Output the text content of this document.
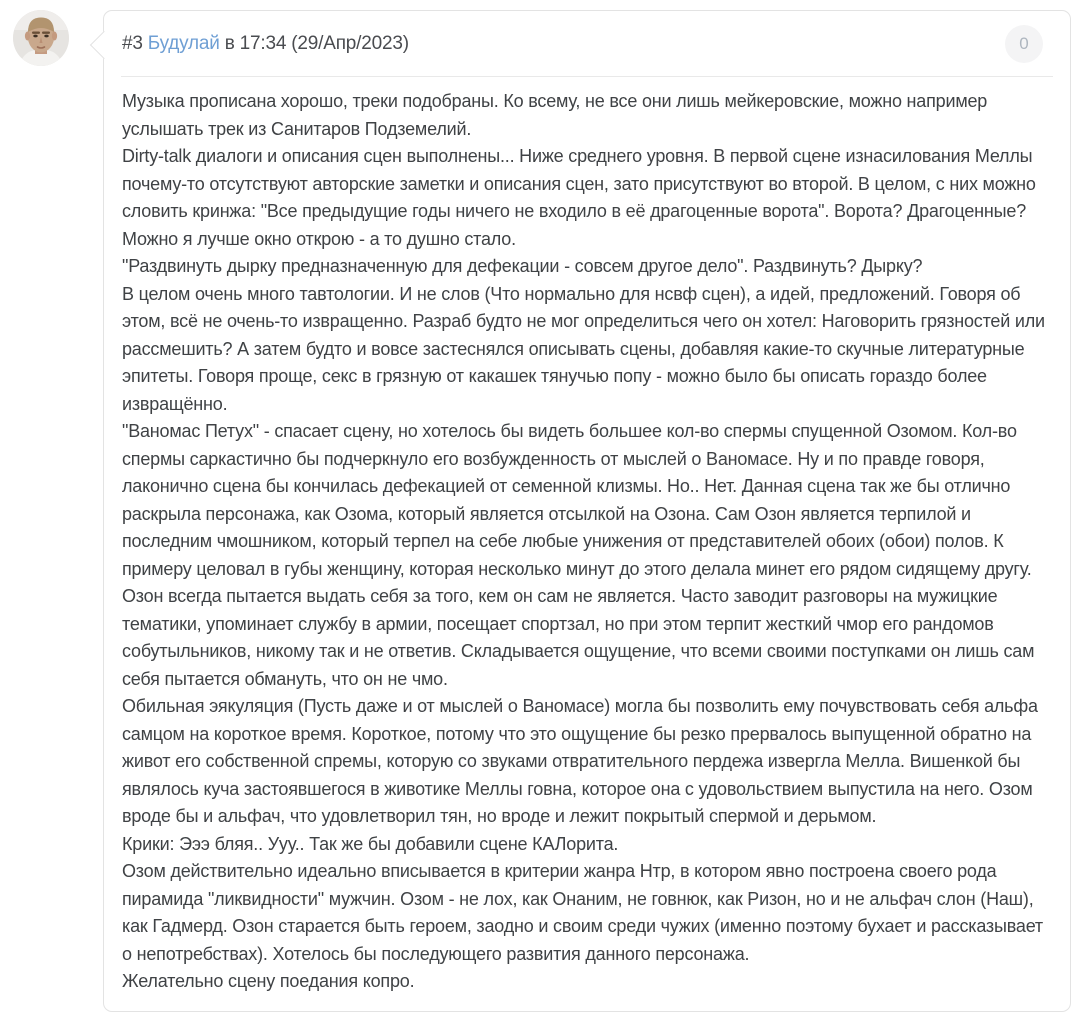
#3 Будулай в 17:34 (29/Апр/2023)	0
Музыка прописана хорошо, треки подобраны. Ко всему, не все они лишь мейкеровские, можно например услышать трек из Санитаров Подземелий.
Dirty-talk диалоги и описания сцен выполнены... Ниже среднего уровня. В первой сцене изнасилования Меллы почему-то отсутствуют авторские заметки и описания сцен, зато присутствуют во второй. В целом, с них можно словить кринжа: "Все предыдущие годы ничего не входило в её драгоценные ворота". Ворота? Драгоценные? Можно я лучше окно открою - а то душно стало.
"Раздвинуть дырку предназначенную для дефекации - совсем другое дело". Раздвинуть? Дырку?
В целом очень много тавтологии. И не слов (Что нормально для нсвф сцен), а идей, предложений. Говоря об этом, всё не очень-то извращенно. Разраб будто не мог определиться чего он хотел: Наговорить грязностей или рассмешить? А затем будто и вовсе застеснялся описывать сцены, добавляя какие-то скучные литературные эпитеты. Говоря проще, секс в грязную от какашек тянучью попу - можно было бы описать гораздо более извращённо.
"Ваномас Петух" - спасает сцену, но хотелось бы видеть большее кол-во спермы спущенной Озомом. Кол-во спермы саркастично бы подчеркнуло его возбужденность от мыслей о Ваномасе. Ну и по правде говоря, лаконично сцена бы кончилась дефекацией от семенной клизмы. Но.. Нет. Данная сцена так же бы отлично раскрыла персонажа, как Озома, который является отсылкой на Озона. Сам Озон является терпилой и последним чмошником, который терпел на себе любые унижения от представителей обоих (обои) полов. К примеру целовал в губы женщину, которая несколько минут до этого делала минет его рядом сидящему другу. Озон всегда пытается выдать себя за того, кем он сам не является. Часто заводит разговоры на мужицкие тематики, упоминает службу в армии, посещает спортзал, но при этом терпит жесткий чмор его рандомов собутыльников, никому так и не ответив. Складывается ощущение, что всеми своими поступками он лишь сам себя пытается обмануть, что он не чмо.
Обильная эякуляция (Пусть даже и от мыслей о Ваномасе) могла бы позволить ему почувствовать себя альфа самцом на короткое время. Короткое, потому что это ощущение бы резко прервалось выпущенной обратно на живот его собственной спремы, которую со звуками отвратительного пердежа извергла Мелла. Вишенкой бы являлось куча застоявшегося в животике Меллы говна, которое она с удовольствием выпустила на него. Озом вроде бы и альфач, что удовлетворил тян, но вроде и лежит покрытый спермой и дерьмом.
Крики: Эээ бляя.. Ууу.. Так же бы добавили сцене КАЛорита.
Озом действительно идеально вписывается в критерии жанра Нтр, в котором явно построена своего рода пирамида "ликвидности" мужчин. Озом - не лох, как Онаним, не говнюк, как Ризон, но и не альфач слон (Наш), как Гадмерд. Озон старается быть героем, заодно и своим среди чужих (именно поэтому бухает и рассказывает о непотребствах). Хотелось бы последующего развития данного персонажа.
Желательно сцену поедания копро.
